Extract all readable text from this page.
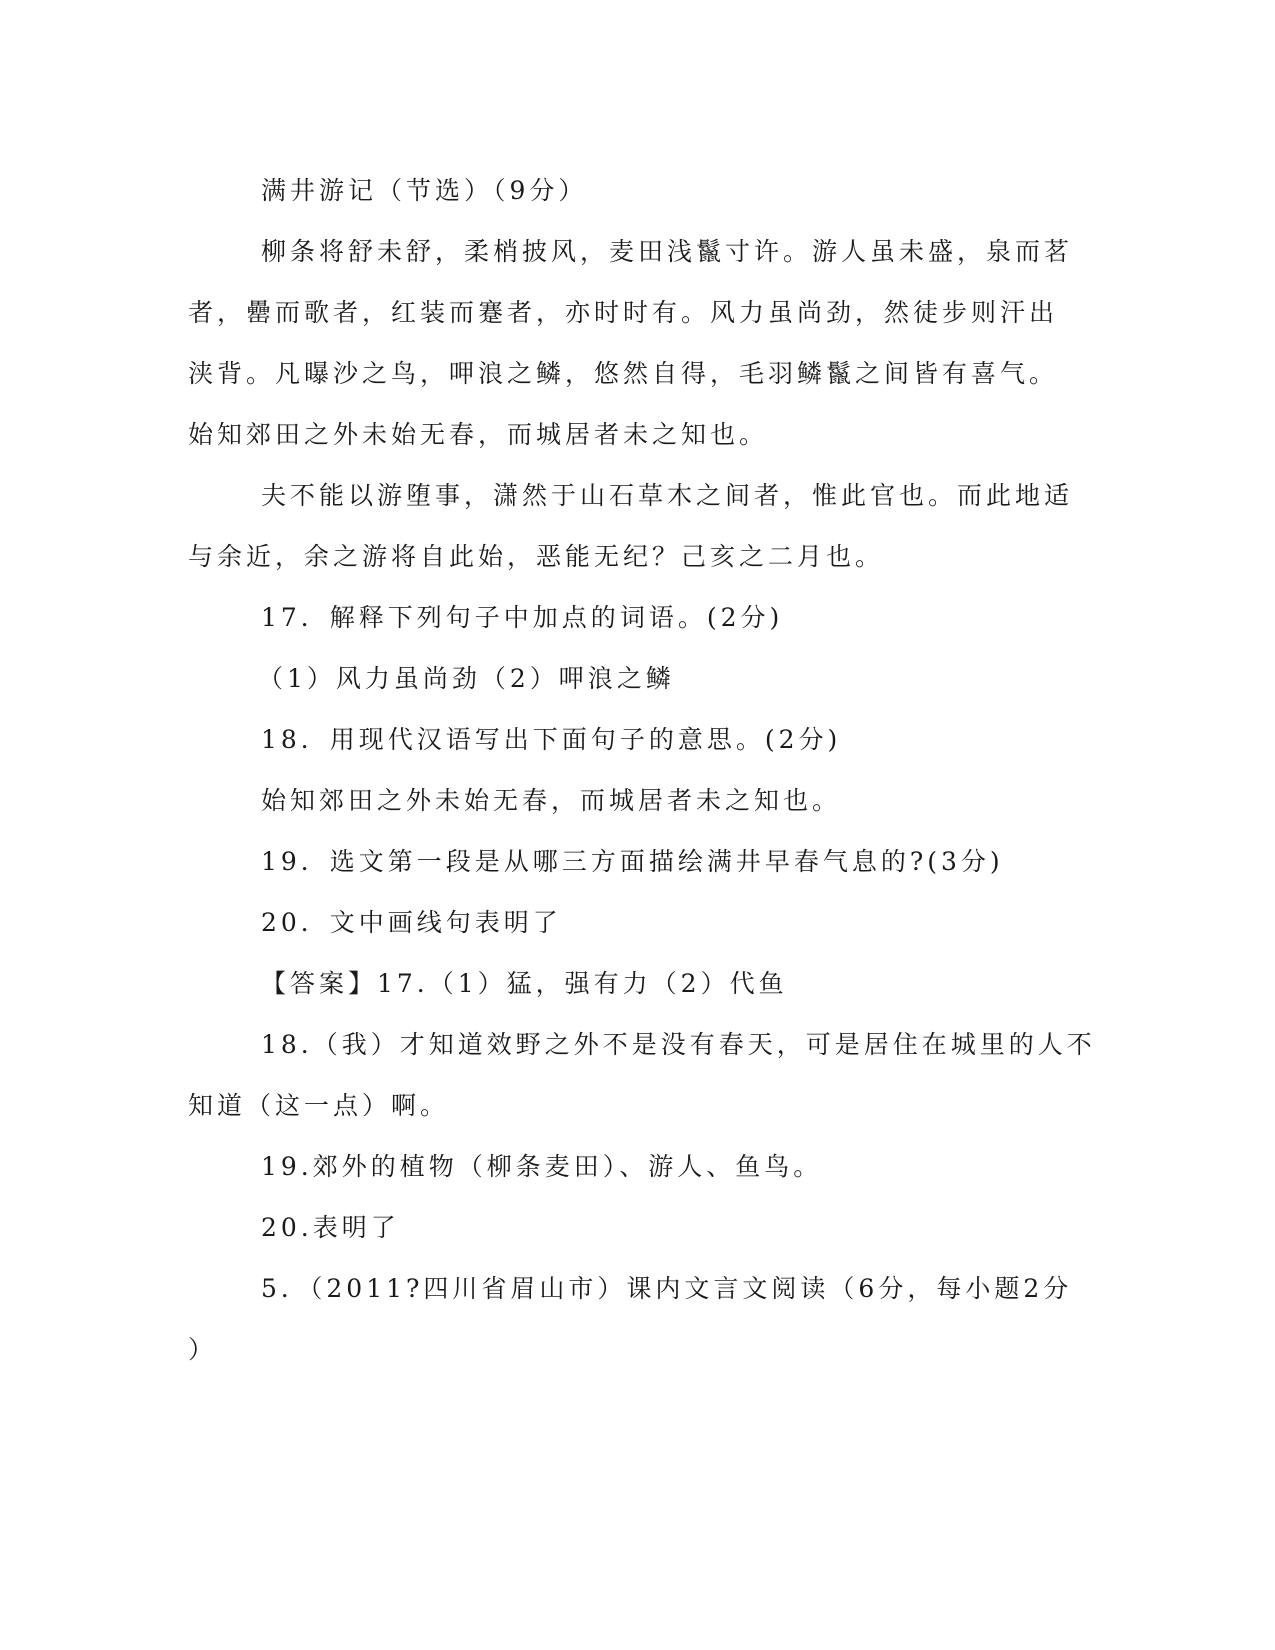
满井游记（节选）（9分）
柳条将舒未舒，柔梢披风，麦田浅鬣寸许。游人虽未盛，泉而茗
者，罍而歌者，红装而蹇者，亦时时有。风力虽尚劲，然徒步则汗出
浃背。凡曝沙之鸟，呷浪之鳞，悠然自得，毛羽鳞鬣之间皆有喜气。
始知郊田之外未始无春，而城居者未之知也。
夫不能以游堕事，潇然于山石草木之间者，惟此官也。而此地适
与余近，余之游将自此始，恶能无纪？己亥之二月也。
17．解释下列句子中加点的词语。(2分)
（1）风力虽尚劲（2）呷浪之鳞
18．用现代汉语写出下面句子的意思。(2分)
始知郊田之外未始无春，而城居者未之知也。
19．选文第一段是从哪三方面描绘满井早春气息的?(3分)
20．文中画线句表明了
【答案】17.（1）猛，强有力（2）代鱼
18.（我）才知道效野之外不是没有春天，可是居住在城里的人不
知道（这一点）啊。
19.郊外的植物（柳条麦田）、游人、鱼鸟。
20.表明了
5．（2011?四川省眉山市）课内文言文阅读（6分，每小题2分
）
